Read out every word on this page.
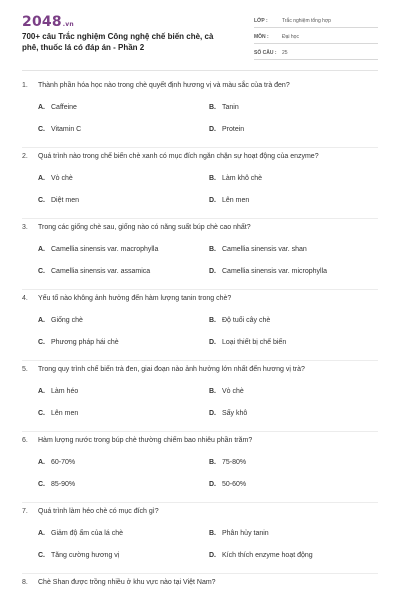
2048.vn
700+ câu Trắc nghiệm Công nghệ chế biến chè, cà phê, thuốc lá có đáp án - Phần 2
LỚP :	Trắc nghiệm tổng hợp
MÔN :	Đại học
SỐ CÂU :	25
1.	Thành phần hóa học nào trong chè quyết định hương vị và màu sắc của trà đen?
A. Caffeine	B. Tanin
C. Vitamin C	D. Protein
2.	Quá trình nào trong chế biến chè xanh có mục đích ngăn chặn sự hoạt động của enzyme?
A. Vò chè	B. Làm khô chè
C. Diệt men	D. Lên men
3.	Trong các giống chè sau, giống nào có năng suất búp chè cao nhất?
A. Camellia sinensis var. macrophylla	B. Camellia sinensis var. shan
C. Camellia sinensis var. assamica	D. Camellia sinensis var. microphylla
4.	Yếu tố nào không ảnh hưởng đến hàm lượng tanin trong chè?
A. Giống chè	B. Độ tuổi cây chè
C. Phương pháp hái chè	D. Loại thiết bị chế biến
5.	Trong quy trình chế biến trà đen, giai đoạn nào ảnh hưởng lớn nhất đến hương vị trà?
A. Làm héo	B. Vò chè
C. Lên men	D. Sấy khô
6.	Hàm lượng nước trong búp chè thường chiếm bao nhiêu phần trăm?
A. 60-70%	B. 75-80%
C. 85-90%	D. 50-60%
7.	Quá trình làm héo chè có mục đích gì?
A. Giảm độ ẩm của lá chè	B. Phân hủy tanin
C. Tăng cường hương vị	D. Kích thích enzyme hoạt động
8.	Chè Shan được trồng nhiều ở khu vực nào tại Việt Nam?
